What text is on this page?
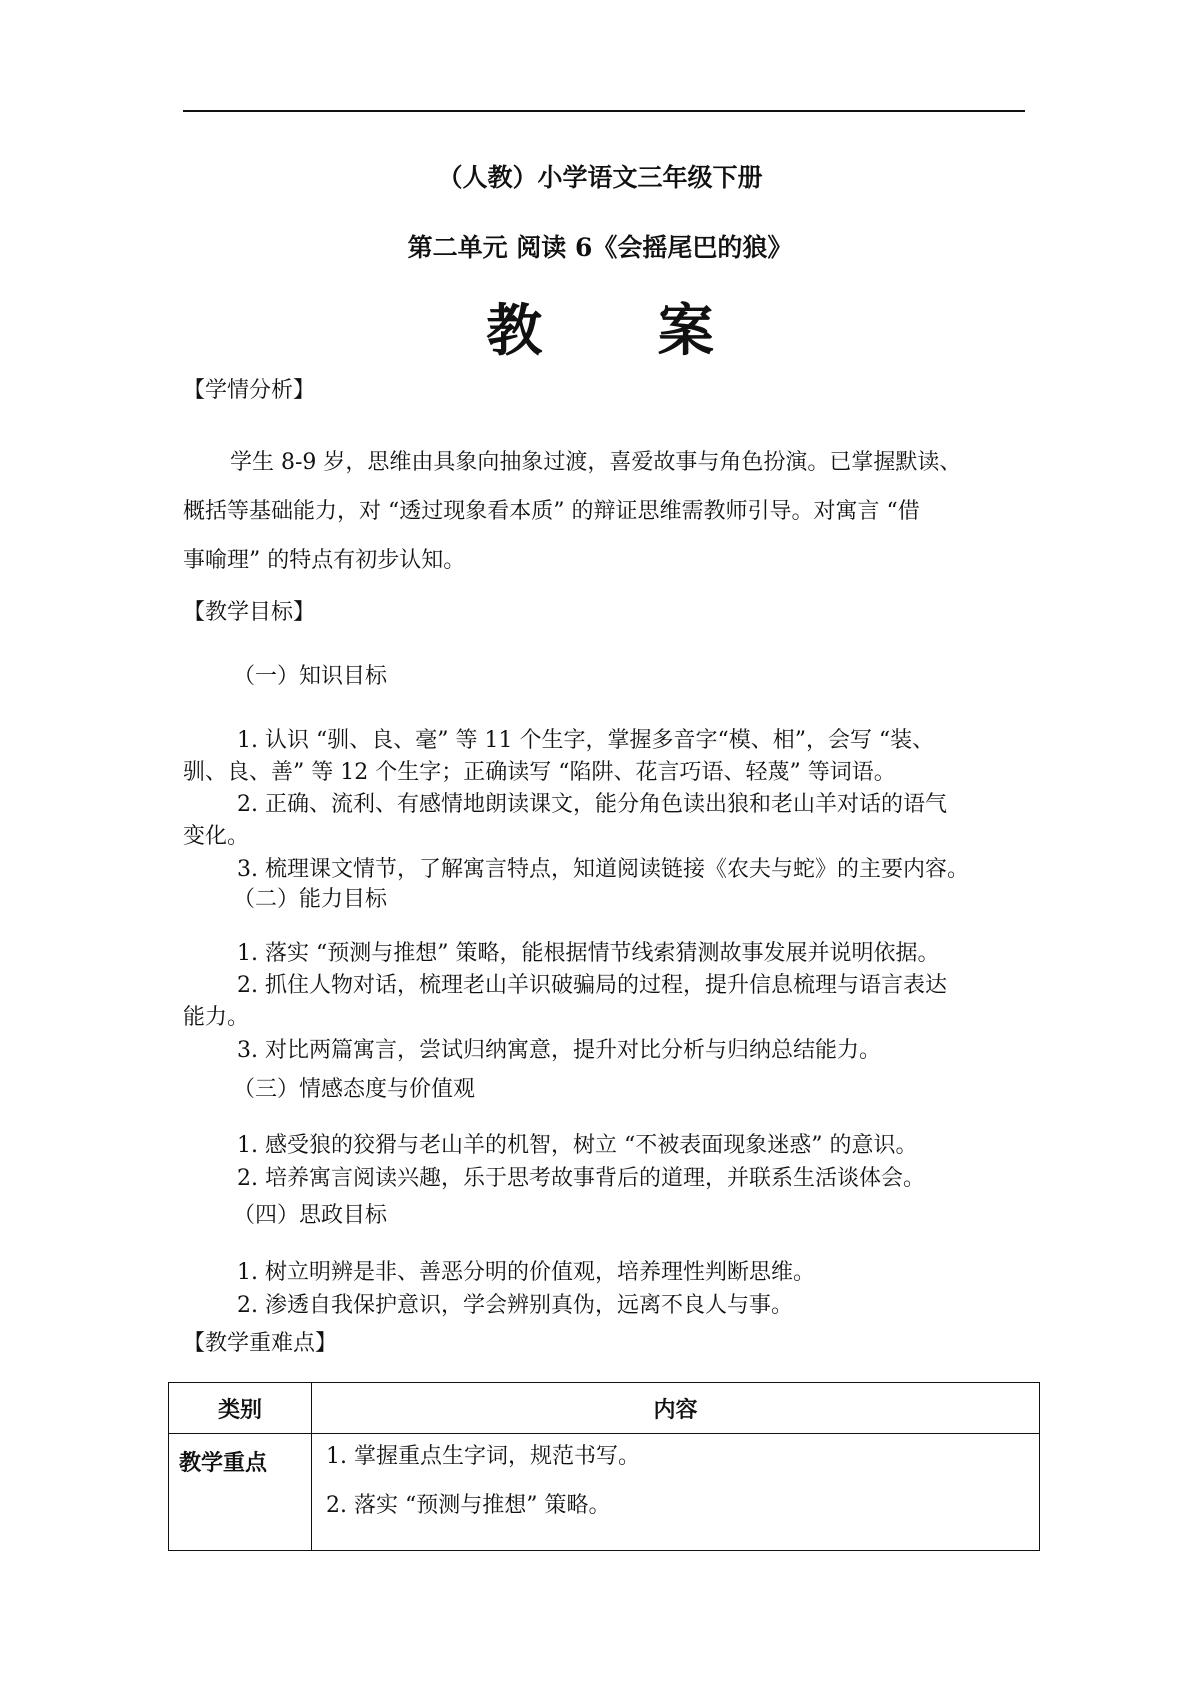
（人教）小学语文三年级下册
第二单元 阅读 6《会摇尾巴的狼》
教 案
【学情分析】
学生 8-9 岁，思维由具象向抽象过渡，喜爱故事与角色扮演。已掌握默读、
概括等基础能力，对 “透过现象看本质” 的辩证思维需教师引导。对寓言 “借
事喻理” 的特点有初步认知。
【教学目标】
（一）知识目标
1. 认识 “驯、良、毫” 等 11 个生字，掌握多音字“模、相”，会写 “装、
驯、良、善” 等 12 个生字；正确读写 “陷阱、花言巧语、轻蔑” 等词语。
2. 正确、流利、有感情地朗读课文，能分角色读出狼和老山羊对话的语气
变化。
3. 梳理课文情节，了解寓言特点，知道阅读链接《农夫与蛇》的主要内容。
（二）能力目标
1. 落实 “预测与推想” 策略，能根据情节线索猜测故事发展并说明依据。
2. 抓住人物对话，梳理老山羊识破骗局的过程，提升信息梳理与语言表达
能力。
3. 对比两篇寓言，尝试归纳寓意，提升对比分析与归纳总结能力。
（三）情感态度与价值观
1. 感受狼的狡猾与老山羊的机智，树立 “不被表面现象迷惑” 的意识。
2. 培养寓言阅读兴趣，乐于思考故事背后的道理，并联系生活谈体会。
（四）思政目标
1. 树立明辨是非、善恶分明的价值观，培养理性判断思维。
2. 渗透自我保护意识，学会辨别真伪，远离不良人与事。
【教学重难点】
类别	内容
教学重点	1. 掌握重点生字词，规范书写。
2. 落实 “预测与推想” 策略。
